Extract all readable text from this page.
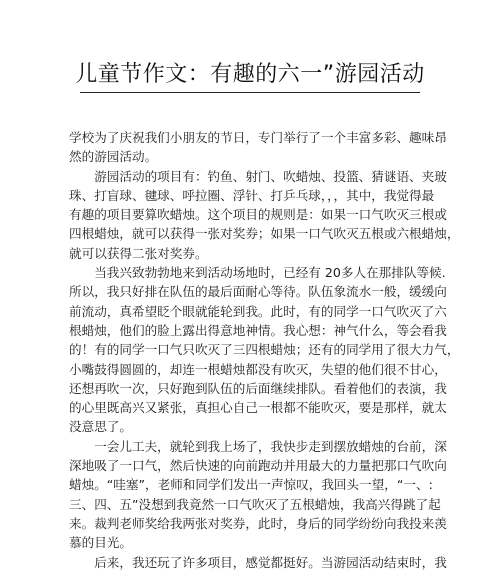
儿童节作文：有趣的六一”游园活动
学校为了庆祝我们小朋友的节日，专门举行了一个丰富多彩、趣味昂
然的游园活动。
　　游园活动的项目有：钓鱼、射门、吹蜡烛、投篮、猜谜语、夹玻
珠、打盲球、毽球、呼拉圈、浮针、打乒乓球，，，其中，我觉得最
有趣的项目要算吹蜡烛。这个项目的规则是：如果一口气吹灭三根或
四根蜡烛，就可以获得一张对奖券；如果一口气吹灭五根或六根蜡烛，
就可以获得二张对奖券。
　　当我兴致勃勃地来到活动场地时，已经有 20多人在那排队等候.
所以，我只好排在队伍的最后面耐心等待。队伍象流水一般，缓缓向
前流动，真希望眨个眼就能轮到我。此时，有的同学一口气吹灭了六
根蜡烛，他们的脸上露出得意地神情。我心想：神气什么，等会看我
的！有的同学一口气只吹灭了三四根蜡烛；还有的同学用了很大力气，
小嘴鼓得圆圆的，却连一根蜡烛都没有吹灭，失望的他们很不甘心，
还想再吹一次，只好跑到队伍的后面继续排队。看着他们的表演，我
的心里既高兴又紧张，真担心自己一根都不能吹灭，要是那样，就太
没意思了。
　　一会儿工夫，就轮到我上场了，我快步走到摆放蜡烛的台前，深
深地吸了一口气，然后快速的向前跑动并用最大的力量把那口气吹向
蜡烛。“哇塞”，老师和同学们发出一声惊叹，我回头一望，“一、:
三、四、五”没想到我竟然一口气吹灭了五根蜡烛，我高兴得跳了起
来。裁判老师奖给我两张对奖券，此时，身后的同学纷纷向我投来羡
慕的目光。
　　后来，我还玩了许多项目，感觉都挺好。当游园活动结束时，我
